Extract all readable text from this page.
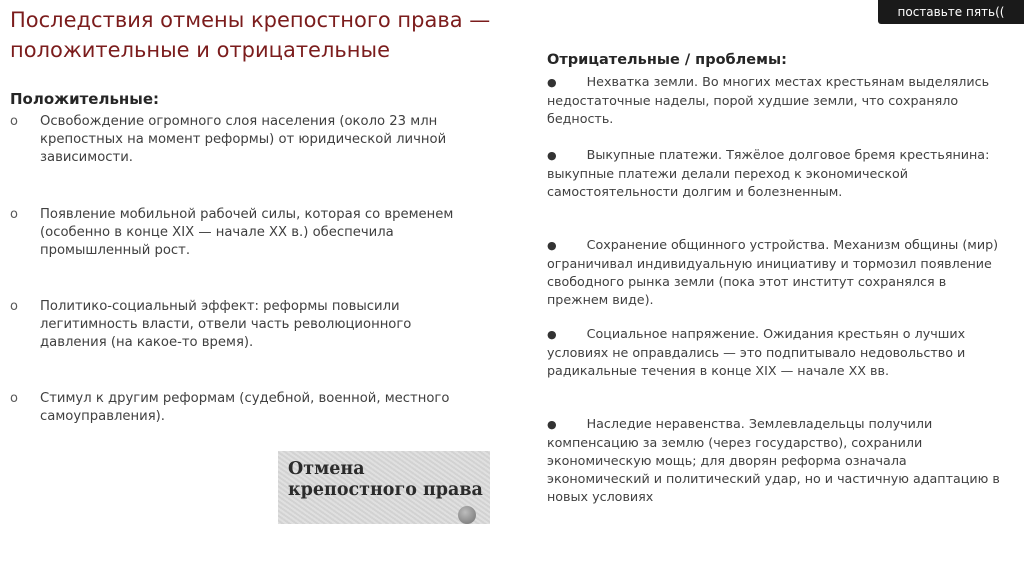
поставьте пять((
Последствия отмены крепостного права — положительные и отрицательные
Положительные:
o Освобождение огромного слоя населения (около 23 млн крепостных на момент реформы) от юридической личной зависимости.
o Появление мобильной рабочей силы, которая со временем (особенно в конце XIX — начале XX в.) обеспечила промышленный рост.
o Политико-социальный эффект: реформы повысили легитимность власти, отвели часть революционного давления (на какое-то время).
o Стимул к другим реформам (судебной, военной, местного самоуправления).
Отрицательные / проблемы:
● Нехватка земли. Во многих местах крестьянам выделялись недостаточные наделы, порой худшие земли, что сохраняло бедность.
● Выкупные платежи. Тяжёлое долговое бремя крестьянина: выкупные платежи делали переход к экономической самостоятельности долгим и болезненным.
● Сохранение общинного устройства. Механизм общины (мир) ограничивал индивидуальную инициативу и тормозил появление свободного рынка земли (пока этот институт сохранялся в прежнем виде).
● Социальное напряжение. Ожидания крестьян о лучших условиях не оправдались — это подпитывало недовольство и радикальные течения в конце XIX — начале XX вв.
● Наследие неравенства. Землевладельцы получили компенсацию за землю (через государство), сохранили экономическую мощь; для дворян реформа означала экономический и политический удар, но и частичную адаптацию в новых условиях
Отмена крепостного права
